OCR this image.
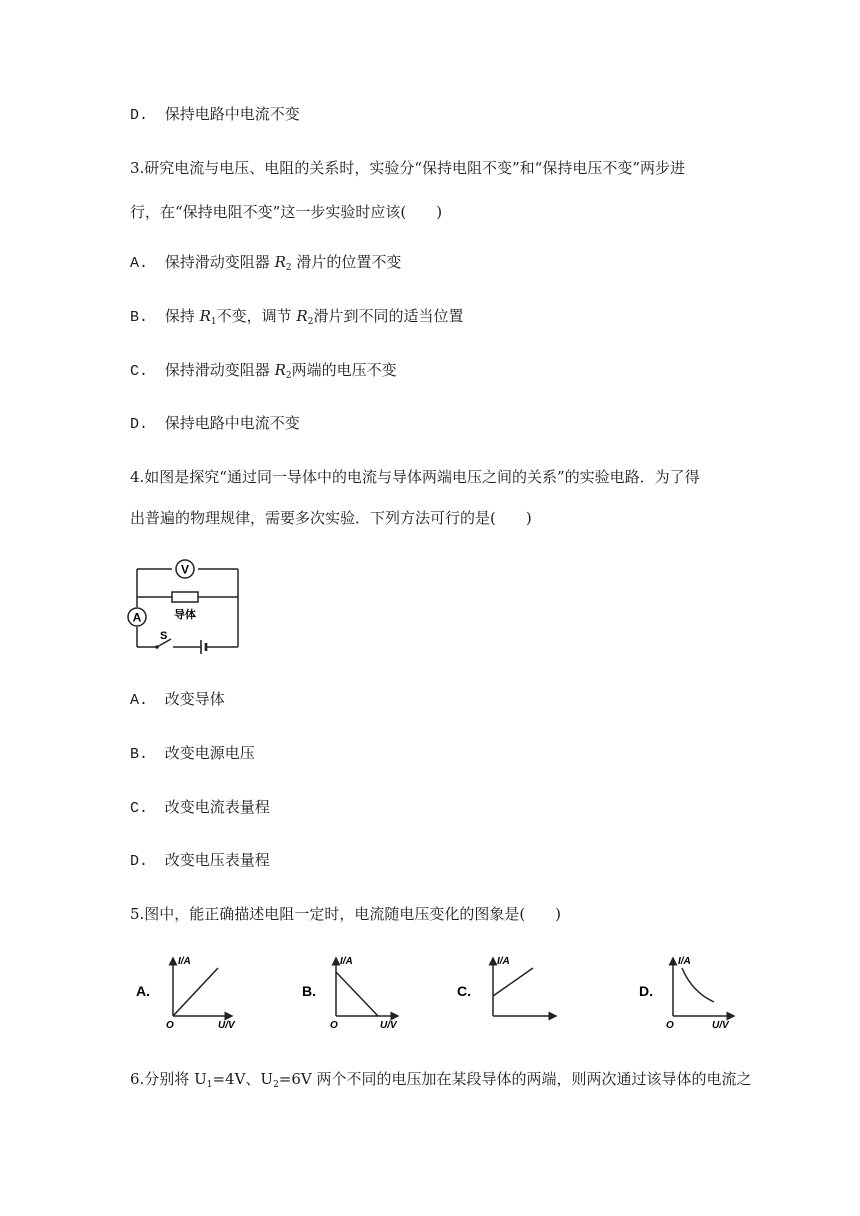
D. 保持电路中电流不变
3.研究电流与电压、电阻的关系时，实验分“保持电阻不变”和“保持电压不变”两步进
行，在“保持电阻不变”这一步实验时应该(　　)
A. 保持滑动变阻器 $R_2$ 滑片的位置不变
B. 保持 $R_1$不变，调节 $R_2$滑片到不同的适当位置
C. 保持滑动变阻器 $R_2$两端的电压不变
D. 保持电路中电流不变
4.如图是探究“通过同一导体中的电流与导体两端电压之间的关系”的实验电路．为了得
出普遍的物理规律，需要多次实验．下列方法可行的是(　　)
V
A	导体
S
A. 改变导体
B. 改变电源电压
C. 改变电流表量程
D. 改变电压表量程
5.图中，能正确描述电阻一定时，电流随电压变化的图象是(　　)
A.
I/A
U/V
O
B.
I/A
U/V
O
C.
I/A
D.
I/A
U/V
O
6.分别将 $U_1=4V$、$U_2=6V$ 两个不同的电压加在某段导体的两端，则两次通过该导体的电流之
